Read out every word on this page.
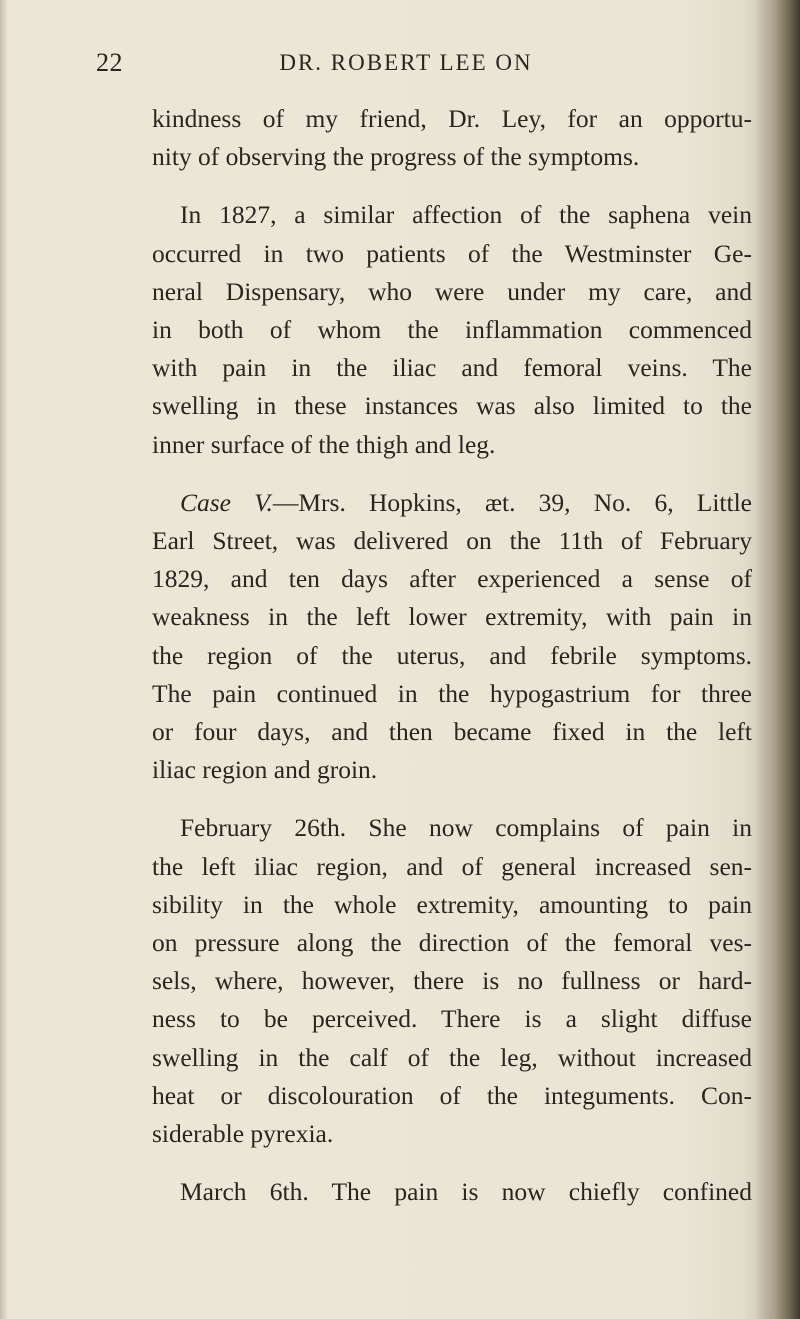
22	DR. ROBERT LEE ON
kindness of my friend, Dr. Ley, for an opportu-
nity of observing the progress of the symptoms.
In 1827, a similar affection of the saphena vein
occurred in two patients of the Westminster Ge-
neral Dispensary, who were under my care, and
in both of whom the inflammation commenced
with pain in the iliac and femoral veins. The
swelling in these instances was also limited to the
inner surface of the thigh and leg.
Case V.—Mrs. Hopkins, æt. 39, No. 6, Little
Earl Street, was delivered on the 11th of February
1829, and ten days after experienced a sense of
weakness in the left lower extremity, with pain in
the region of the uterus, and febrile symptoms.
The pain continued in the hypogastrium for three
or four days, and then became fixed in the left
iliac region and groin.
February 26th. She now complains of pain in
the left iliac region, and of general increased sen-
sibility in the whole extremity, amounting to pain
on pressure along the direction of the femoral ves-
sels, where, however, there is no fullness or hard-
ness to be perceived. There is a slight diffuse
swelling in the calf of the leg, without increased
heat or discolouration of the integuments. Con-
siderable pyrexia.
March 6th. The pain is now chiefly confined
